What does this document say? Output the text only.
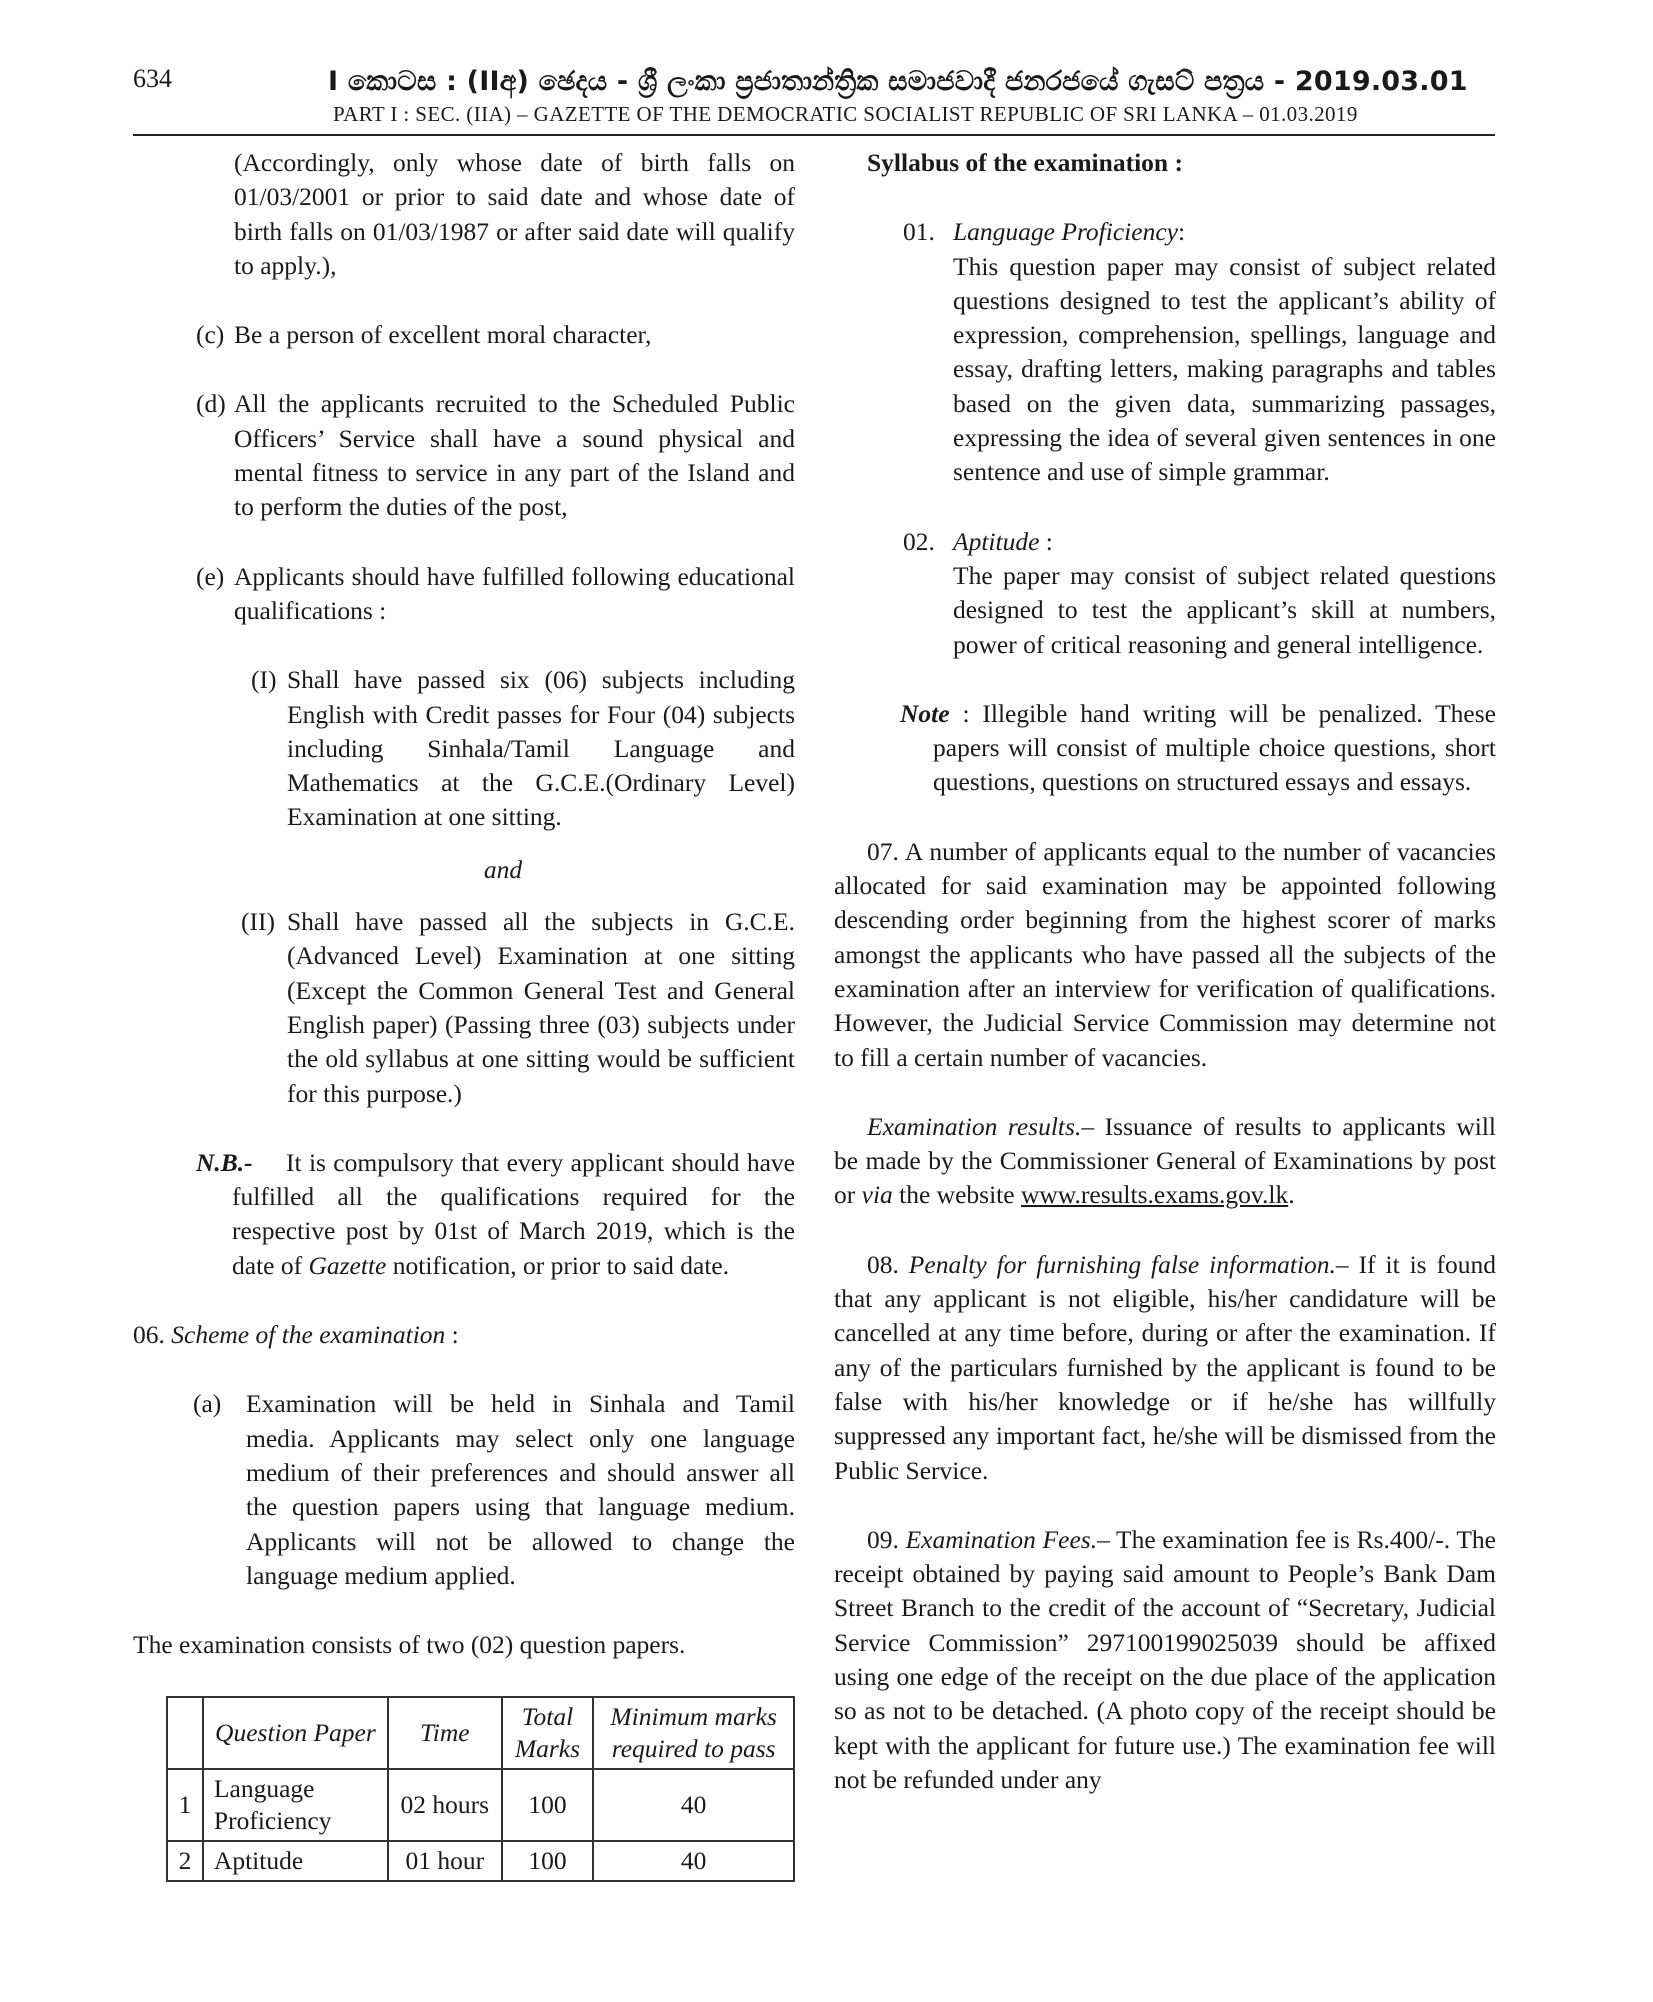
634	I කොටස : (IIඅ) ඡෙදය - ශ්‍රී ලංකා ප්‍රජාතාන්ත්‍රික සමාජවාදී ජනරජයේ ගැසට් පත්‍රය - 2019.03.01
PART I : SEC. (IIA) – GAZETTE OF THE DEMOCRATIC SOCIALIST REPUBLIC OF SRI LANKA – 01.03.2019

(Accordingly, only whose date of birth falls on 01/03/2001 or prior to said date and whose date of birth falls on 01/03/1987 or after said date will qualify to apply.),

(c) Be a person of excellent moral character,

(d) All the applicants recruited to the Scheduled Public Officers’ Service shall have a sound physical and mental fitness to service in any part of the Island and to perform the duties of the post,

(e) Applicants should have fulfilled following educational qualifications :

(I) Shall have passed six (06) subjects including English with Credit passes for Four (04) subjects including Sinhala/Tamil Language and Mathematics at the G.C.E.(Ordinary Level) Examination at one sitting.

and

(II) Shall have passed all the subjects in G.C.E. (Advanced Level) Examination at one sitting (Except the Common General Test and General English paper) (Passing three (03) subjects under the old syllabus at one sitting would be sufficient for this purpose.)

N.B.- It is compulsory that every applicant should have fulfilled all the qualifications required for the respective post by 01st of March 2019, which is the date of Gazette notification, or prior to said date.

06. Scheme of the examination :

(a) Examination will be held in Sinhala and Tamil media. Applicants may select only one language medium of their preferences and should answer all the question papers using that language medium. Applicants will not be allowed to change the language medium applied.

The examination consists of two (02) question papers.

	Question Paper	Time	Total Marks	Minimum marks required to pass
1	Language Proficiency	02 hours	100	40
2	Aptitude	01 hour	100	40

Syllabus of the examination :

01. Language Proficiency:

This question paper may consist of subject related questions designed to test the applicant’s ability of expression, comprehension, spellings, language and essay, drafting letters, making paragraphs and tables based on the given data, summarizing passages, expressing the idea of several given sentences in one sentence and use of simple grammar.

02. Aptitude :

The paper may consist of subject related questions designed to test the applicant’s skill at numbers, power of critical reasoning and general intelligence.

Note : Illegible hand writing will be penalized. These papers will consist of multiple choice questions, short questions, questions on structured essays and essays.

07. A number of applicants equal to the number of vacancies allocated for said examination may be appointed following descending order beginning from the highest scorer of marks amongst the applicants who have passed all the subjects of the examination after an interview for verification of qualifications. However, the Judicial Service Commission may determine not to fill a certain number of vacancies.

Examination results.– Issuance of results to applicants will be made by the Commissioner General of Examinations by post or via the website www.results.exams.gov.lk.

08. Penalty for furnishing false information.– If it is found that any applicant is not eligible, his/her candidature will be cancelled at any time before, during or after the examination. If any of the particulars furnished by the applicant is found to be false with his/her knowledge or if he/she has willfully suppressed any important fact, he/she will be dismissed from the Public Service.

09. Examination Fees.– The examination fee is Rs.400/-. The receipt obtained by paying said amount to People’s Bank Dam Street Branch to the credit of the account of “Secretary, Judicial Service Commission” 297100199025039 should be affixed using one edge of the receipt on the due place of the application so as not to be detached. (A photo copy of the receipt should be kept with the applicant for future use.) The examination fee will not be refunded under any
